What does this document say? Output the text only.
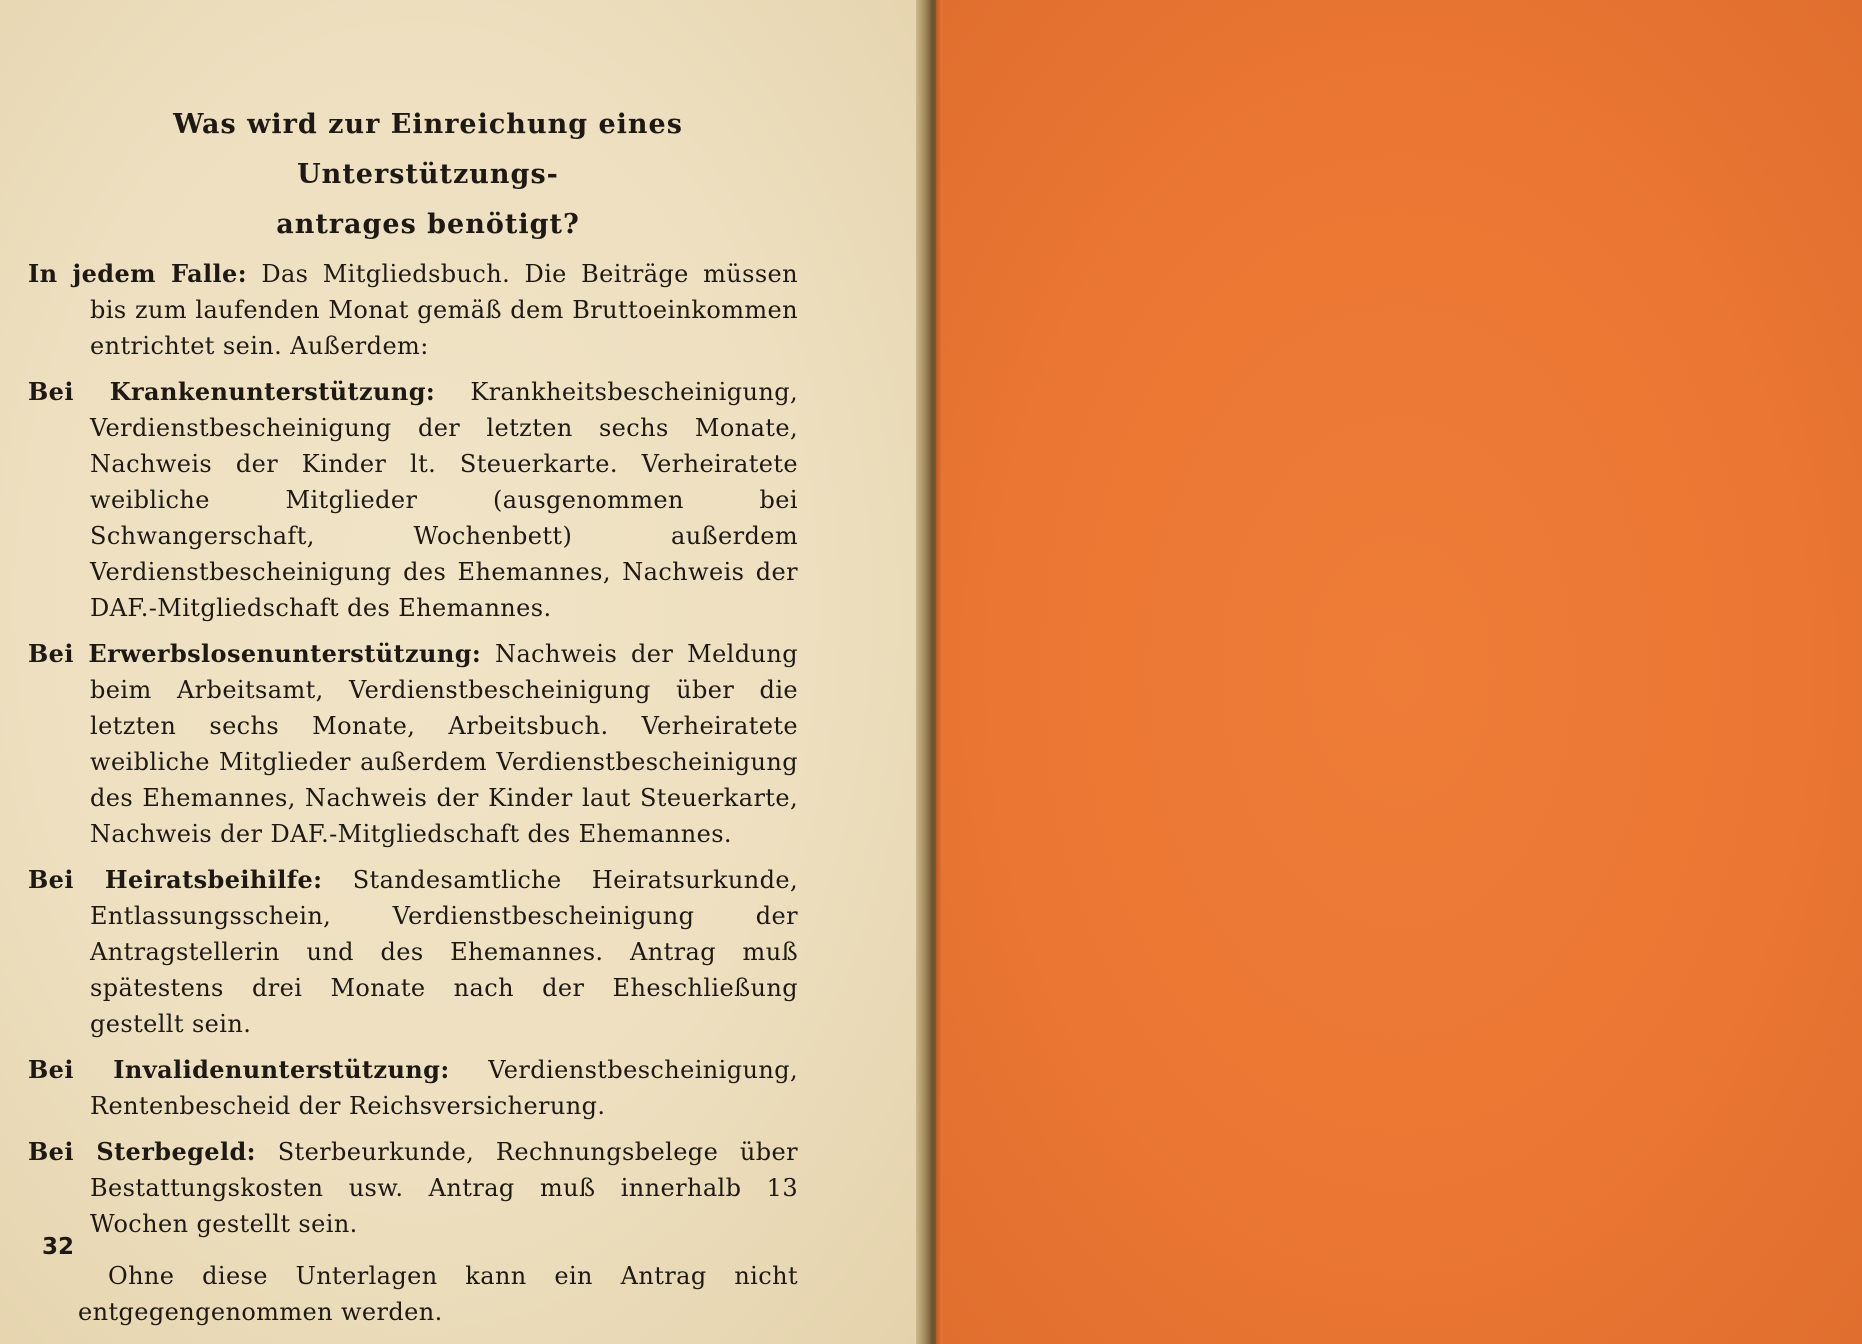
Was wird zur Einreichung eines Unterstützungs-
antrages benötigt?

In jedem Falle: Das Mitgliedsbuch. Die Beiträge müssen bis zum laufenden Monat gemäß dem Bruttoeinkommen entrichtet sein. Außerdem:

Bei Krankenunterstützung: Krankheitsbescheinigung, Verdienstbescheinigung der letzten sechs Monate, Nachweis der Kinder lt. Steuerkarte. Verheiratete weibliche Mitglieder (ausgenommen bei Schwangerschaft, Wochenbett) außerdem Verdienstbescheinigung des Ehemannes, Nachweis der DAF.-Mitgliedschaft des Ehemannes.

Bei Erwerbslosenunterstützung: Nachweis der Meldung beim Arbeitsamt, Verdienstbescheinigung über die letzten sechs Monate, Arbeitsbuch. Verheiratete weibliche Mitglieder außerdem Verdienstbescheinigung des Ehemannes, Nachweis der Kinder laut Steuerkarte, Nachweis der DAF.-Mitgliedschaft des Ehemannes.

Bei Heiratsbeihilfe: Standesamtliche Heiratsurkunde, Entlassungsschein, Verdienstbescheinigung der Antragstellerin und des Ehemannes. Antrag muß spätestens drei Monate nach der Eheschließung gestellt sein.

Bei Invalidenunterstützung: Verdienstbescheinigung, Rentenbescheid der Reichsversicherung.

Bei Sterbegeld: Sterbeurkunde, Rechnungsbelege über Bestattungskosten usw. Antrag muß innerhalb 13 Wochen gestellt sein.

Ohne diese Unterlagen kann ein Antrag nicht entgegengenommen werden.

32
